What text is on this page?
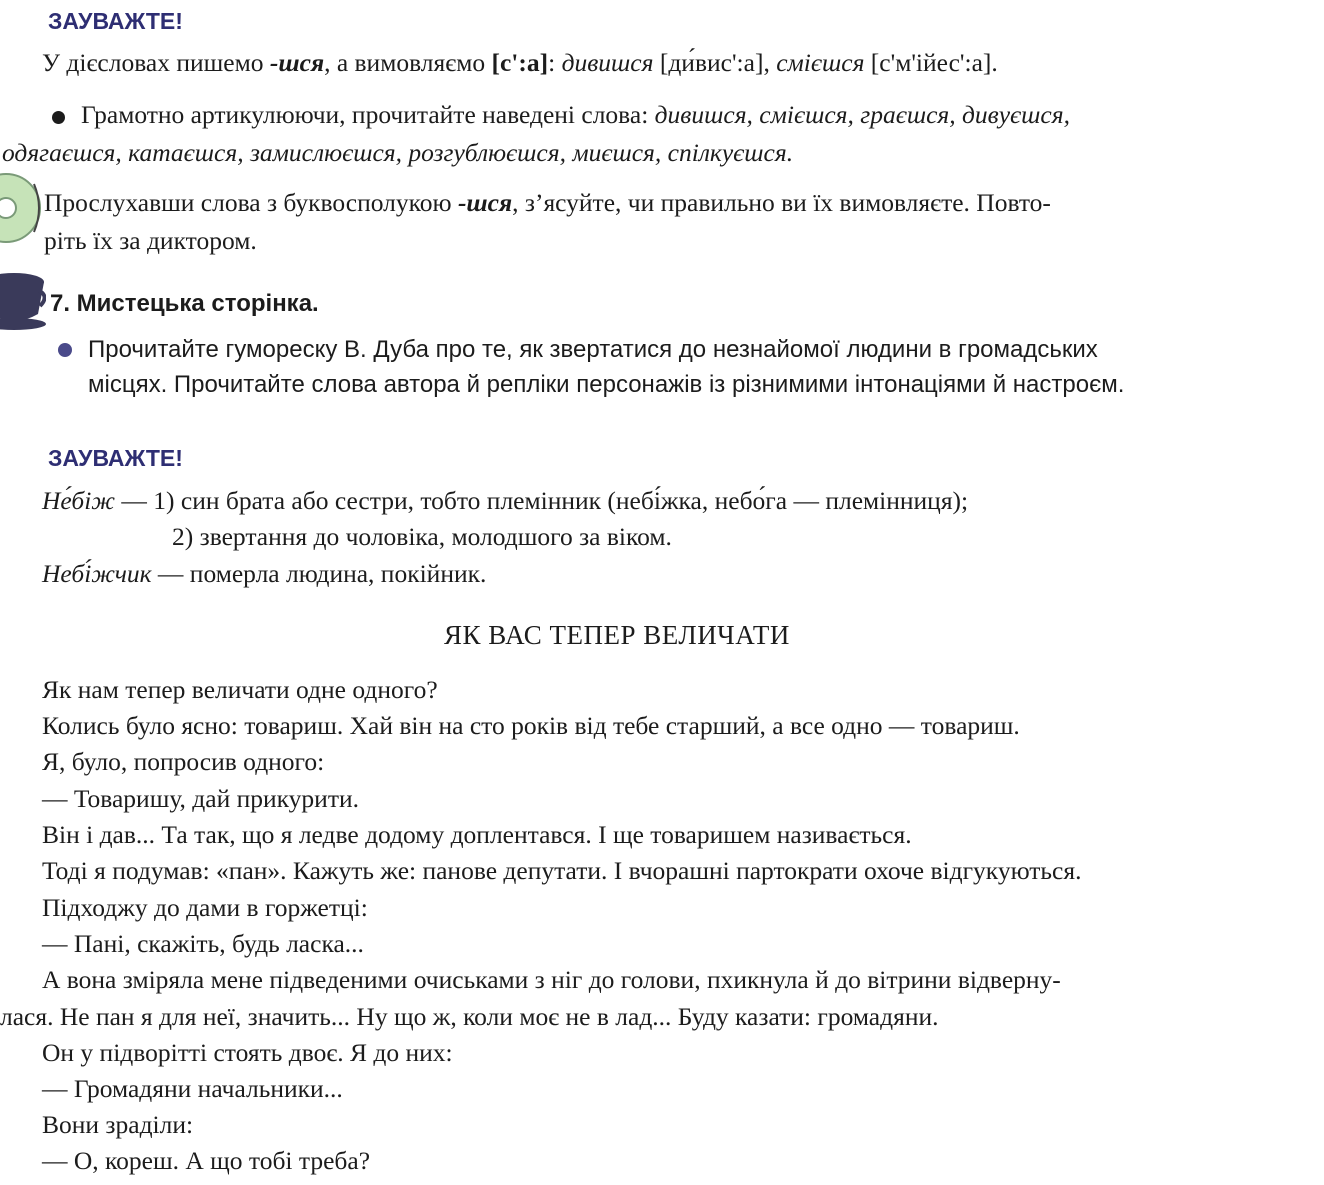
ЗАУВАЖТЕ!
У дієсловах пишемо -шся, а вимовляємо [с':а]: дивишся [ди́вис':а], смієшся [с'м'ійес':а].
Грамотно артикулюючи, прочитайте наведені слова: дивишся, смієшся, граєшся, дивуєшся,
одягаєшся, катаєшся, замислюєшся, розгублюєшся, миєшся, спілкуєшся.
Прослухавши слова з буквосполукою -шся, з’ясуйте, чи правильно ви їх вимовляєте. Повто-
ріть їх за диктором.
7. Мистецька сторінка.
Прочитайте гумореску В. Дуба про те, як звертатися до незнайомої людини в громадських
місцях. Прочитайте слова автора й репліки персонажів із різнимими інтонаціями й настроєм.
ЗАУВАЖТЕ!
Не́біж — 1) син брата або сестри, тобто племінник (небі́жка, небо́га — племінниця);
2) звертання до чоловіка, молодшого за віком.
Небі́жчик — померла людина, покійник.
ЯК ВАС ТЕПЕР ВЕЛИЧАТИ
Як нам тепер величати одне одного?
Колись було ясно: товариш. Хай він на сто років від тебе старший, а все одно — товариш.
Я, було, попросив одного:
— Товаришу, дай прикурити.
Він і дав... Та так, що я ледве додому доплентався. І ще товаришем називається.
Тоді я подумав: «пан». Кажуть же: панове депутати. І вчорашні партократи охоче відгукуються.
Підходжу до дами в горжетці:
— Пані, скажіть, будь ласка...
А вона зміряла мене підведеними очиськами з ніг до голови, пхикнула й до вітрини відверну-
лася. Не пан я для неї, значить... Ну що ж, коли моє не в лад... Буду казати: громадяни.
Он у підворітті стоять двоє. Я до них:
— Громадяни начальники...
Вони зраділи:
— О, кореш. А що тобі треба?
